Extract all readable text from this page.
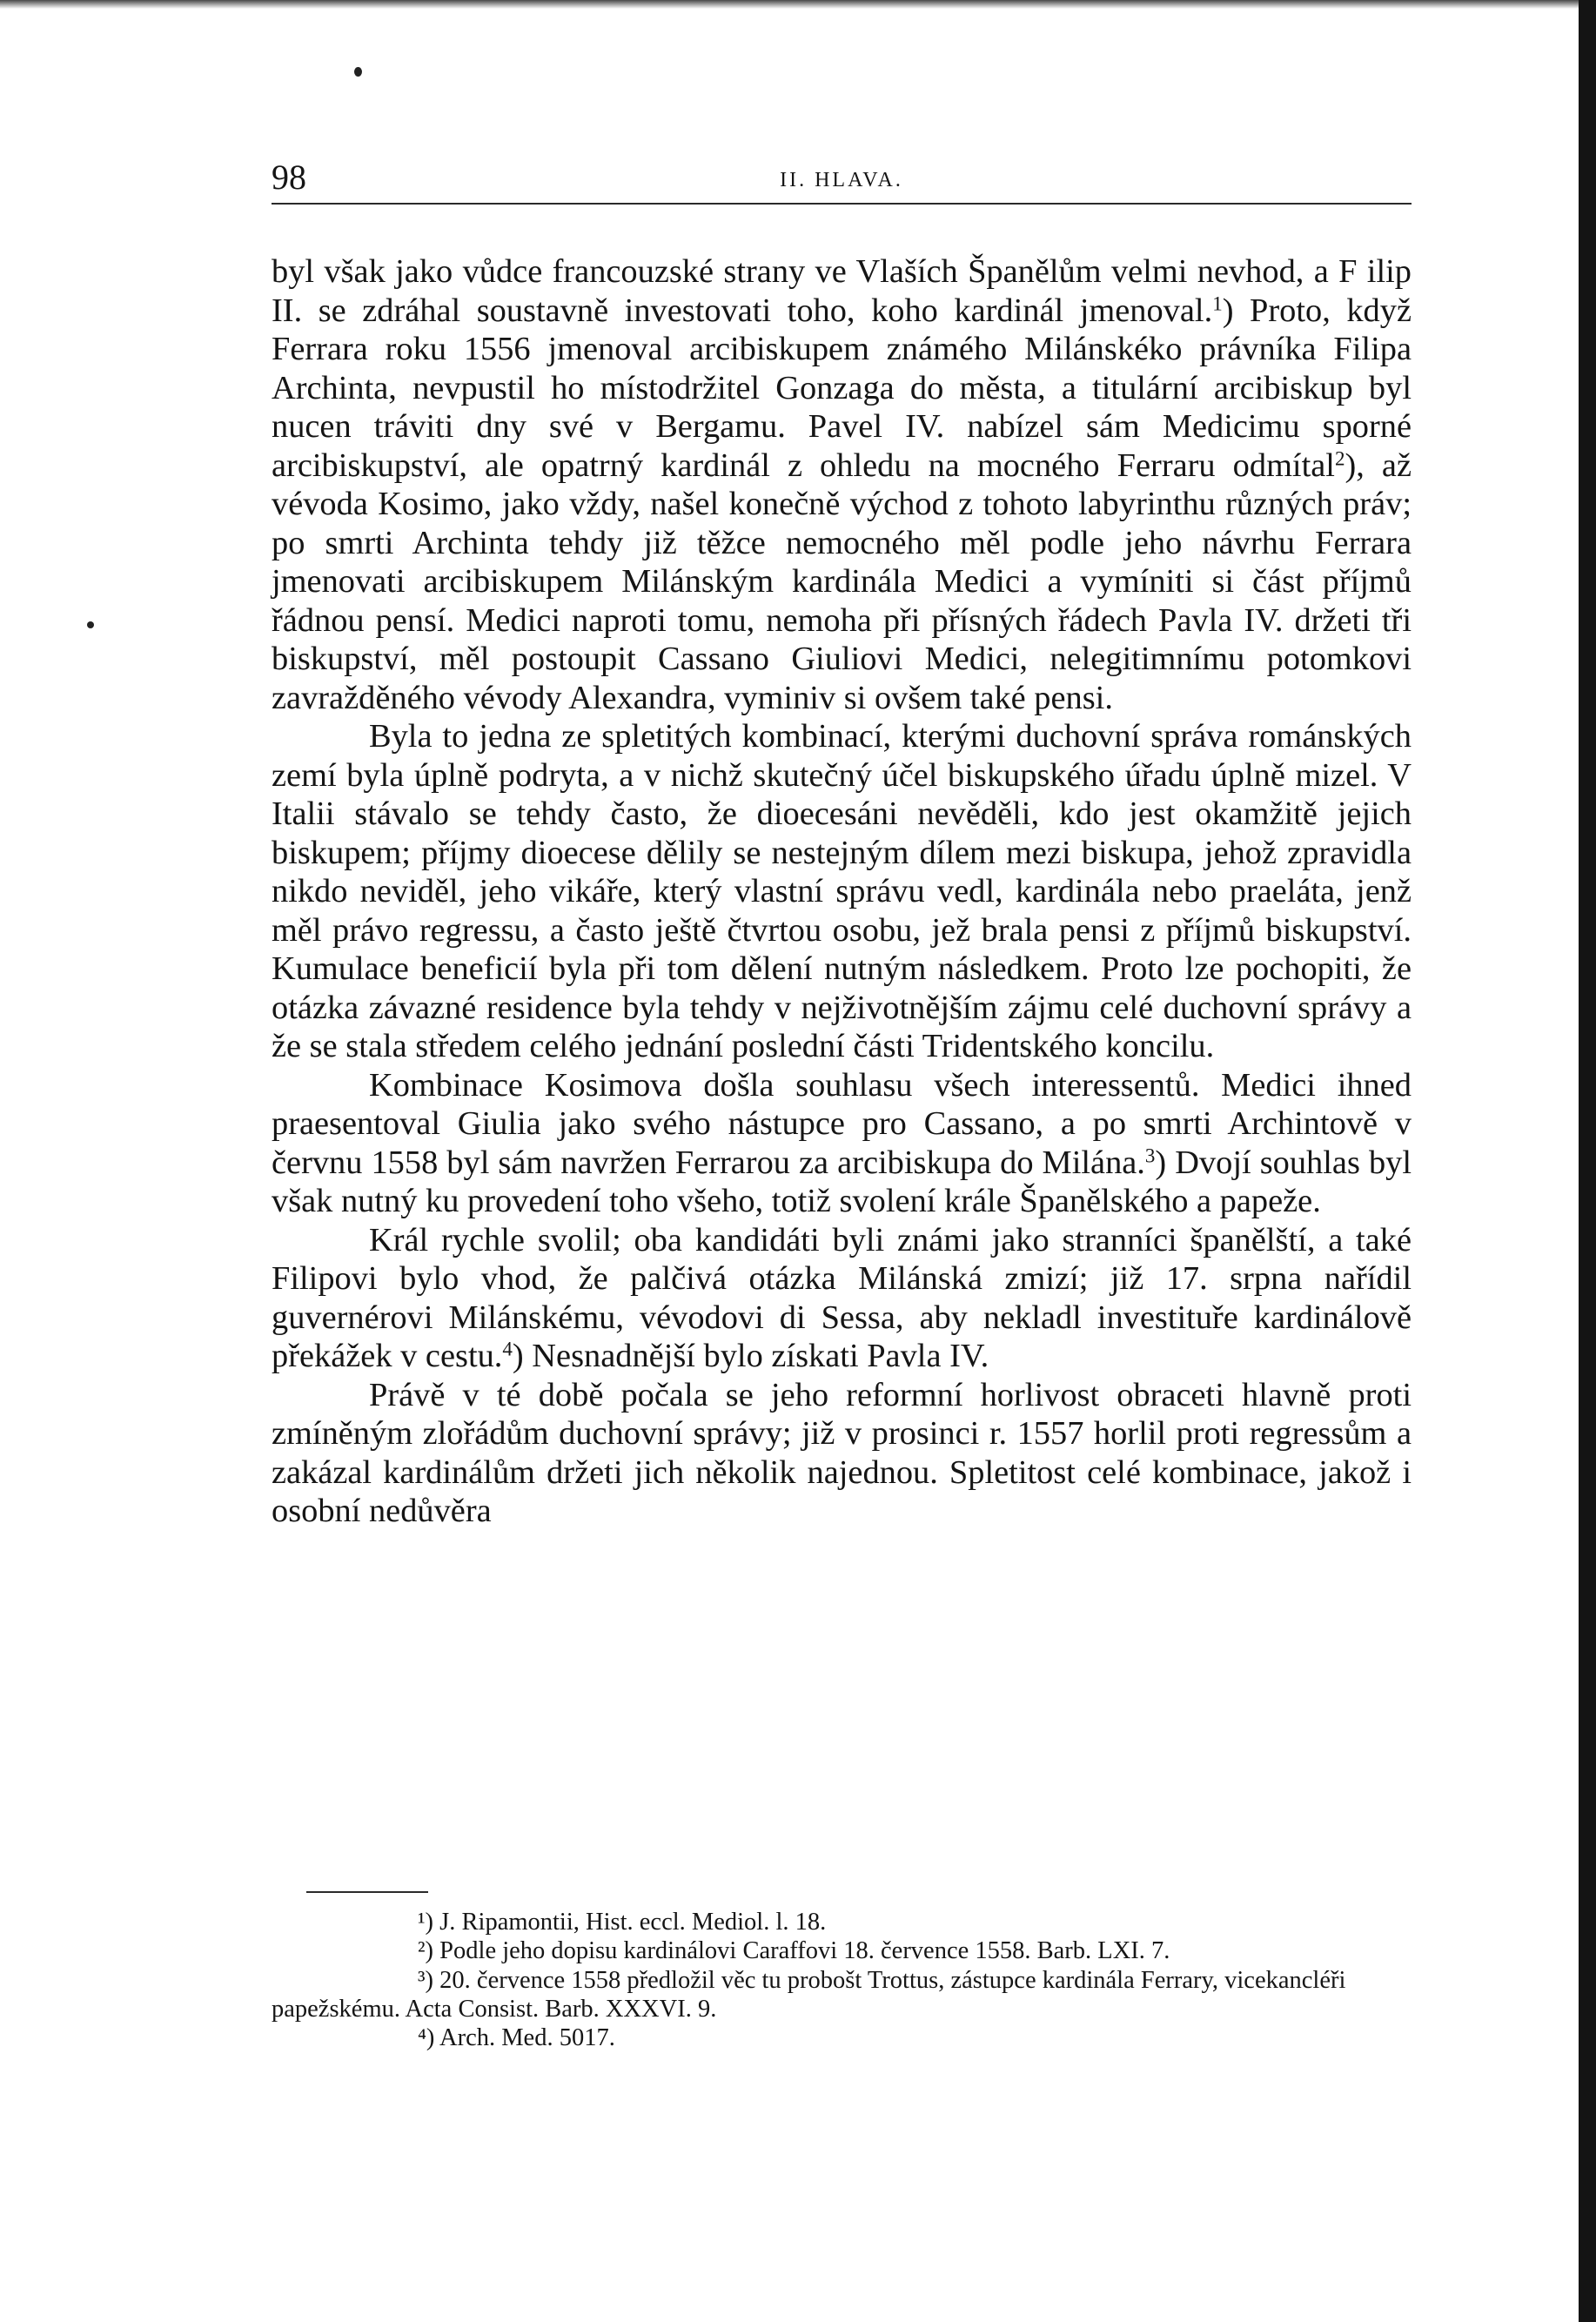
98	II. HLAVA.

byl však jako vůdce francouzské strany ve Vlaších Španělům velmi nevhod, a F ilip II. se zdráhal soustavně investovati toho, koho kardinál jmenoval.$^1$) Proto, když Ferrara roku 1556 jmenoval arcibiskupem známého Milánskéko právníka Filipa Archinta, nevpustil ho místodržitel Gonzaga do města, a titulární arcibiskup byl nucen tráviti dny své v Bergamu. Pavel IV. nabízel sám Medicimu sporné arcibiskupství, ale opatrný kardinál z ohledu na mocného Ferraru odmítal$^2$), až vévoda Kosimo, jako vždy, našel konečně východ z tohoto labyrinthu různých práv; po smrti Archinta tehdy již těžce nemocného měl podle jeho návrhu Ferrara jmenovati arcibiskupem Milánským kardinála Medici a vymíniti si část příjmů řádnou pensí. Medici naproti tomu, nemoha při přísných řádech Pavla IV. držeti tři biskupství, měl postoupit Cassano Giuliovi Medici, nelegitimnímu potomkovi zavražděného vévody Alexandra, vyminiv si ovšem také pensi.

Byla to jedna ze spletitých kombinací, kterými duchovní správa románských zemí byla úplně podryta, a v nichž skutečný účel biskupského úřadu úplně mizel. V Italii stávalo se tehdy často, že dioecesáni nevěděli, kdo jest okamžitě jejich biskupem; příjmy dioecese dělily se nestejným dílem mezi biskupa, jehož zpravidla nikdo neviděl, jeho vikáře, který vlastní správu vedl, kardinála nebo praeláta, jenž měl právo regressu, a často ještě čtvrtou osobu, jež brala pensi z příjmů biskupství. Kumulace beneficií byla při tom dělení nutným následkem. Proto lze pochopiti, že otázka závazné residence byla tehdy v nejživotnějším zájmu celé duchovní správy a že se stala středem celého jednání poslední části Tridentského koncilu.

Kombinace Kosimova došla souhlasu všech interessentů. Medici ihned praesentoval Giulia jako svého nástupce pro Cassano, a po smrti Archintově v červnu 1558 byl sám navržen Ferrarou za arcibiskupa do Milána.$^3$) Dvojí souhlas byl však nutný ku provedení toho všeho, totiž svolení krále Španělského a papeže.

Král rychle svolil; oba kandidáti byli známi jako stranníci španělští, a také Filipovi bylo vhod, že palčivá otázka Milánská zmizí; již 17. srpna nařídil guvernérovi Milánskému, vévodovi di Sessa, aby nekladl investituře kardinálově překážek v cestu.$^4$) Nesnadnější bylo získati Pavla IV.

Právě v té době počala se jeho reformní horlivost obraceti hlavně proti zmíněným zlořádům duchovní správy; již v prosinci r. 1557 horlil proti regressům a zakázal kardinálům držeti jich několik najednou. Spletitost celé kombinace, jakož i osobní nedůvěra

¹) J. Ripamontii, Hist. eccl. Mediol. l. 18.

²) Podle jeho dopisu kardinálovi Caraffovi 18. července 1558. Barb. LXI. 7.

³) 20. července 1558 předložil věc tu probošt Trottus, zástupce kardinála Ferrary, vicekancléři papežskému. Acta Consist. Barb. XXXVI. 9.

⁴) Arch. Med. 5017.
